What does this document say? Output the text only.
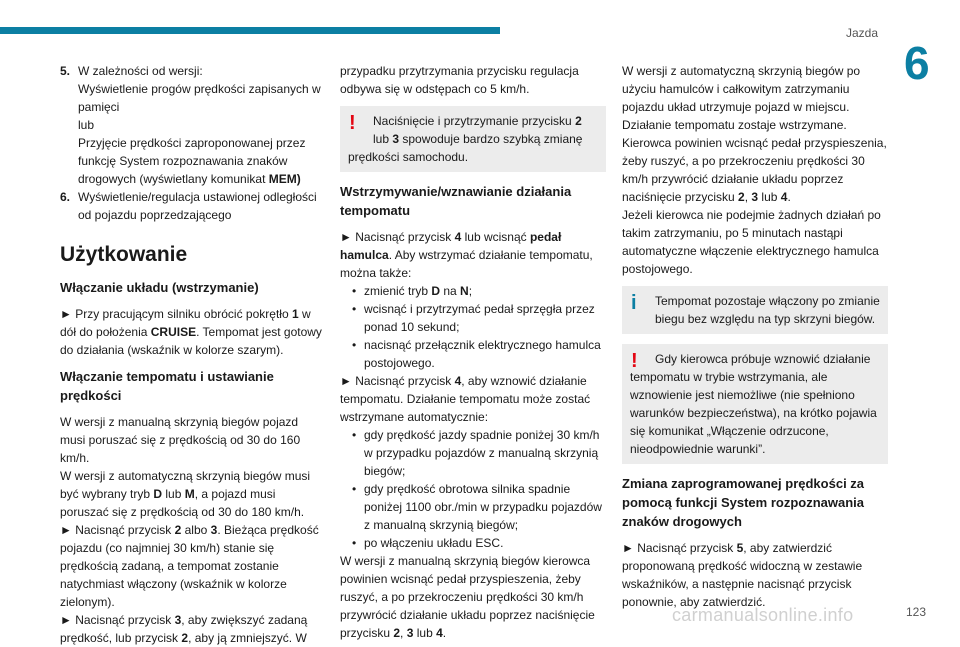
Jazda
6
5. W zależności od wersji:
Wyświetlenie progów prędkości zapisanych w pamięci
lub
Przyjęcie prędkości zaproponowanej przez funkcję System rozpoznawania znaków drogowych (wyświetlany komunikat MEM)
6. Wyświetlenie/regulacja ustawionej odległości od pojazdu poprzedzającego
Użytkowanie
Włączanie układu (wstrzymanie)

► Przy pracującym silniku obrócić pokrętło 1 w dół do położenia CRUISE. Tempomat jest gotowy do działania (wskaźnik w kolorze szarym).

Włączanie tempomatu i ustawianie prędkości

W wersji z manualną skrzynią biegów pojazd musi poruszać się z prędkością od 30 do 160 km/h.

W wersji z automatyczną skrzynią biegów musi być wybrany tryb D lub M, a pojazd musi poruszać się z prędkością od 30 do 180 km/h.

► Nacisnąć przycisk 2 albo 3. Bieżąca prędkość pojazdu (co najmniej 30 km/h) stanie się prędkością zadaną, a tempomat zostanie natychmiast włączony (wskaźnik w kolorze zielonym).

► Nacisnąć przycisk 3, aby zwiększyć zadaną prędkość, lub przycisk 2, aby ją zmniejszyć. W

przypadku przytrzymania przycisku regulacja odbywa się w odstępach co 5 km/h.

!	Naciśnięcie i przytrzymanie przycisku 2
lub 3 spowoduje bardzo szybką zmianę prędkości samochodu.
Wstrzymywanie/wznawianie działania tempomatu

► Nacisnąć przycisk 4 lub wcisnąć pedał hamulca. Aby wstrzymać działanie tempomatu, można także:

• zmienić tryb D na N;
• wcisnąć i przytrzymać pedał sprzęgła przez ponad 10 sekund;
• nacisnąć przełącznik elektrycznego hamulca postojowego.

► Nacisnąć przycisk 4, aby wznowić działanie tempomatu. Działanie tempomatu może zostać wstrzymane automatycznie:

• gdy prędkość jazdy spadnie poniżej 30 km/h w przypadku pojazdów z manualną skrzynią biegów;
• gdy prędkość obrotowa silnika spadnie poniżej 1100 obr./min w przypadku pojazdów z manualną skrzynią biegów;
• po włączeniu układu ESC.

W wersji z manualną skrzynią biegów kierowca powinien wcisnąć pedał przyspieszenia, żeby ruszyć, a po przekroczeniu prędkości 30 km/h przywrócić działanie układu poprzez naciśnięcie przycisku 2, 3 lub 4.

W wersji z automatyczną skrzynią biegów po użyciu hamulców i całkowitym zatrzymaniu pojazdu układ utrzymuje pojazd w miejscu. Działanie tempomatu zostaje wstrzymane. Kierowca powinien wcisnąć pedał przyspieszenia, żeby ruszyć, a po przekroczeniu prędkości 30 km/h przywrócić działanie układu poprzez naciśnięcie przycisku 2, 3 lub 4.

Jeżeli kierowca nie podejmie żadnych działań po takim zatrzymaniu, po 5 minutach nastąpi automatyczne włączenie elektrycznego hamulca postojowego.

i	Tempomat pozostaje włączony po zmianie biegu bez względu na typ skrzyni biegów.
!	Gdy kierowca próbuje wznowić działanie tempomatu w trybie wstrzymania, ale wznowienie jest niemożliwe (nie spełniono warunków bezpieczeństwa), na krótko pojawia się komunikat „Włączenie odrzucone, nieodpowiednie warunki”.
Zmiana zaprogramowanej prędkości za pomocą funkcji System rozpoznawania znaków drogowych

► Nacisnąć przycisk 5, aby zatwierdzić proponowaną prędkość widoczną w zestawie wskaźników, a następnie nacisnąć przycisk ponownie, aby zatwierdzić.

carmanualsonline.info	123
